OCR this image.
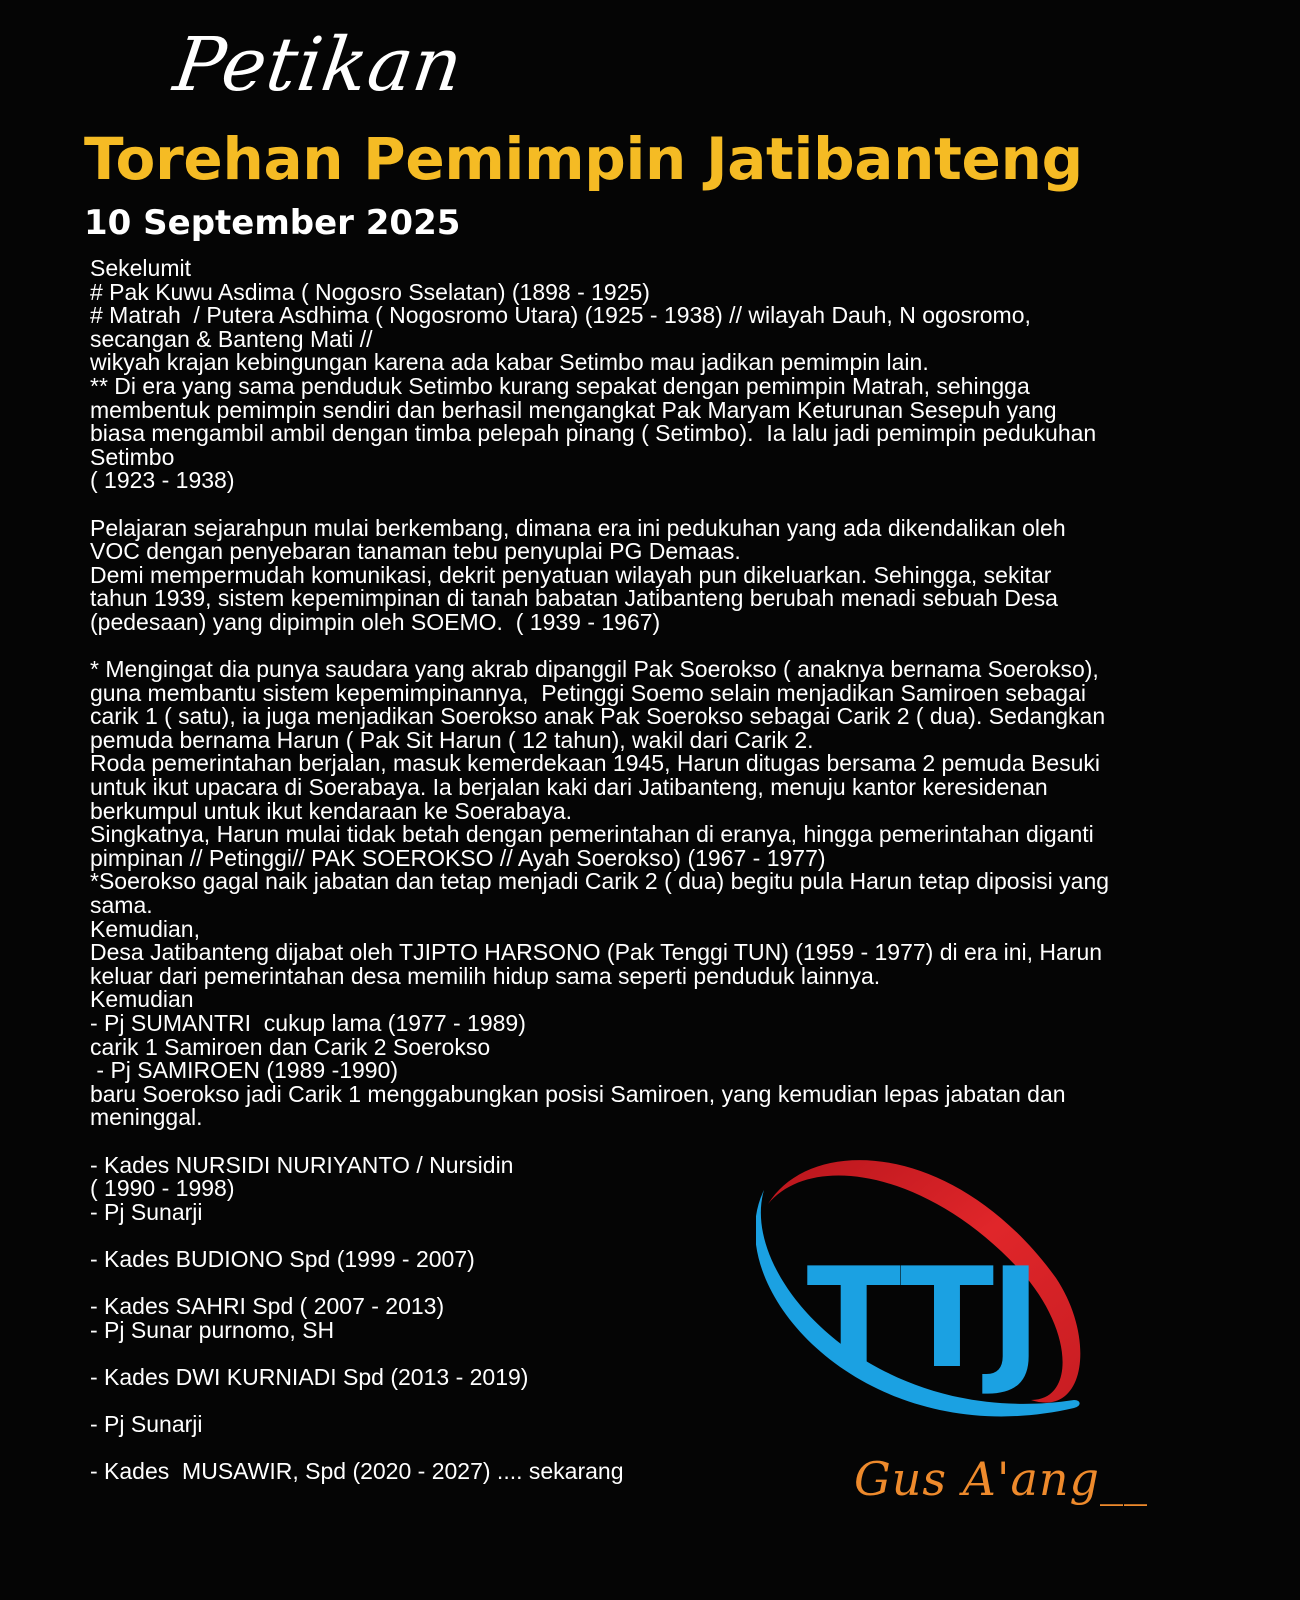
Petikan
Torehan Pemimpin Jatibanteng
10 September 2025
Sekelumit
# Pak Kuwu Asdima ( Nogosro Sselatan) (1898 - 1925)
# Matrah  / Putera Asdhima ( Nogosromo Utara) (1925 - 1938) // wilayah Dauh, N ogosromo,
secangan & Banteng Mati //
wikyah krajan kebingungan karena ada kabar Setimbo mau jadikan pemimpin lain.
** Di era yang sama penduduk Setimbo kurang sepakat dengan pemimpin Matrah, sehingga
membentuk pemimpin sendiri dan berhasil mengangkat Pak Maryam Keturunan Sesepuh yang
biasa mengambil ambil dengan timba pelepah pinang ( Setimbo).  Ia lalu jadi pemimpin pedukuhan
Setimbo
( 1923 - 1938)

Pelajaran sejarahpun mulai berkembang, dimana era ini pedukuhan yang ada dikendalikan oleh
VOC dengan penyebaran tanaman tebu penyuplai PG Demaas.
Demi mempermudah komunikasi, dekrit penyatuan wilayah pun dikeluarkan. Sehingga, sekitar
tahun 1939, sistem kepemimpinan di tanah babatan Jatibanteng berubah menadi sebuah Desa
(pedesaan) yang dipimpin oleh SOEMO.  ( 1939 - 1967)

* Mengingat dia punya saudara yang akrab dipanggil Pak Soerokso ( anaknya bernama Soerokso),
guna membantu sistem kepemimpinannya,  Petinggi Soemo selain menjadikan Samiroen sebagai
carik 1 ( satu), ia juga menjadikan Soerokso anak Pak Soerokso sebagai Carik 2 ( dua). Sedangkan
pemuda bernama Harun ( Pak Sit Harun ( 12 tahun), wakil dari Carik 2.
Roda pemerintahan berjalan, masuk kemerdekaan 1945, Harun ditugas bersama 2 pemuda Besuki
untuk ikut upacara di Soerabaya. Ia berjalan kaki dari Jatibanteng, menuju kantor keresidenan
berkumpul untuk ikut kendaraan ke Soerabaya.
Singkatnya, Harun mulai tidak betah dengan pemerintahan di eranya, hingga pemerintahan diganti
pimpinan // Petinggi// PAK SOEROKSO // Ayah Soerokso) (1967 - 1977)
*Soerokso gagal naik jabatan dan tetap menjadi Carik 2 ( dua) begitu pula Harun tetap diposisi yang
sama.
Kemudian,
Desa Jatibanteng dijabat oleh TJIPTO HARSONO (Pak Tenggi TUN) (1959 - 1977) di era ini, Harun
keluar dari pemerintahan desa memilih hidup sama seperti penduduk lainnya.
Kemudian
- Pj SUMANTRI  cukup lama (1977 - 1989)
carik 1 Samiroen dan Carik 2 Soerokso
- Pj SAMIROEN (1989 -1990)
baru Soerokso jadi Carik 1 menggabungkan posisi Samiroen, yang kemudian lepas jabatan dan
meninggal.

- Kades NURSIDI NURIYANTO / Nursidin
( 1990 - 1998)
- Pj Sunarji

- Kades BUDIONO Spd (1999 - 2007)

- Kades SAHRI Spd ( 2007 - 2013)
- Pj Sunar purnomo, SH

- Kades DWI KURNIADI Spd (2013 - 2019)

- Pj Sunarji

- Kades  MUSAWIR, Spd (2020 - 2027) .... sekarang
TTJ
Gus A'ang__
